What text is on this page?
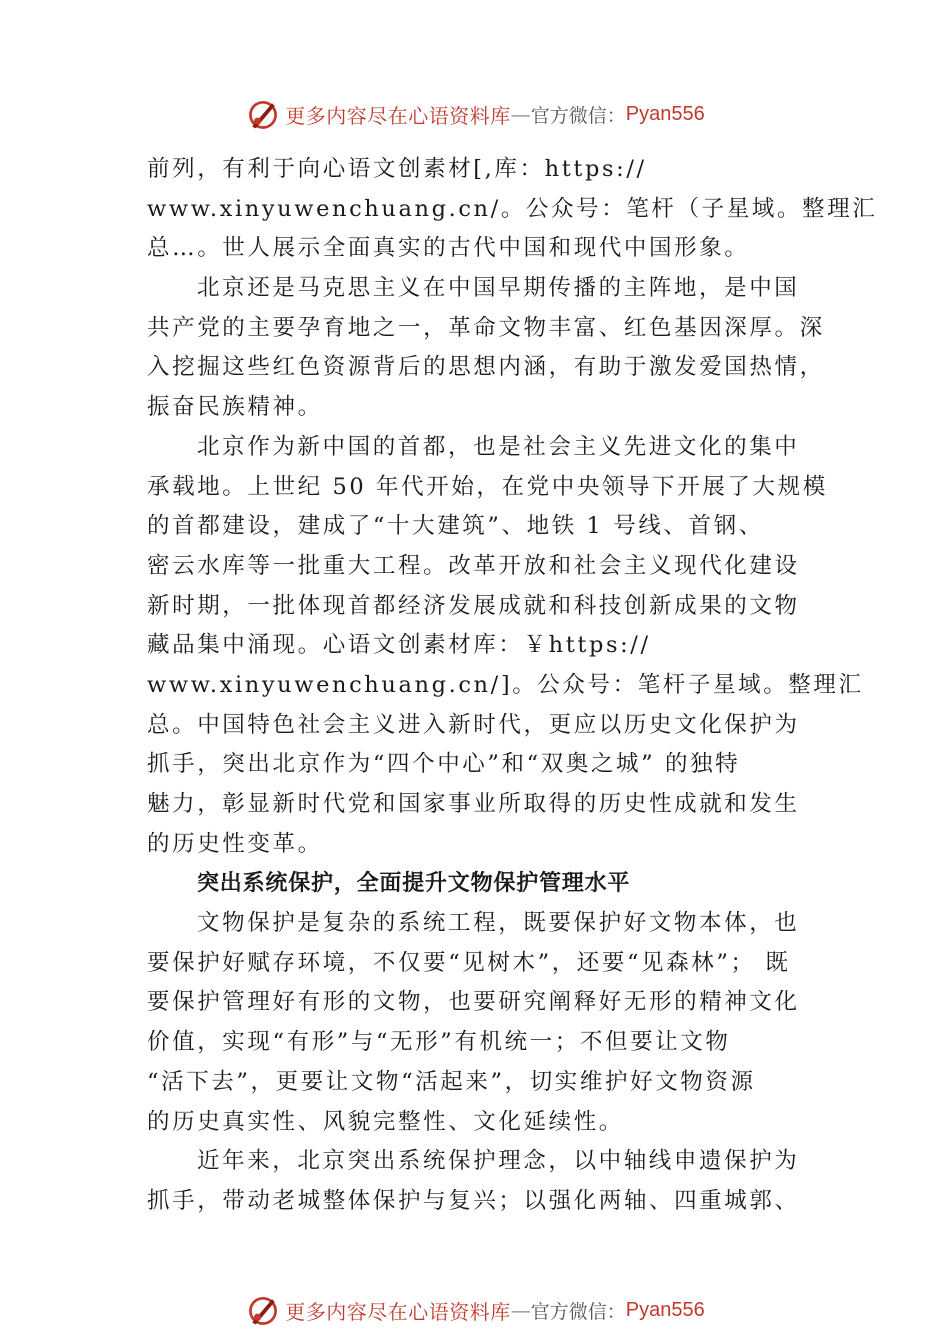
更多内容尽在心语资料库 — 官方微信： Pyan556
前列，有利于向心语文创素材[,库：https://
www.xinyuwenchuang.cn/。公众号：笔杆（子星域。整理汇
总…。世人展示全面真实的古代中国和现代中国形象。
北京还是马克思主义在中国早期传播的主阵地，是中国
共产党的主要孕育地之一，革命文物丰富、红色基因深厚。深
入挖掘这些红色资源背后的思想内涵，有助于激发爱国热情，
振奋民族精神。
北京作为新中国的首都，也是社会主义先进文化的集中
承载地。上世纪 50 年代开始，在党中央领导下开展了大规模
的首都建设，建成了“十大建筑”、地铁 1 号线、首钢、
密云水库等一批重大工程。改革开放和社会主义现代化建设
新时期，一批体现首都经济发展成就和科技创新成果的文物
藏品集中涌现。心语文创素材库：￥https://
www.xinyuwenchuang.cn/]。公众号：笔杆子星域。整理汇
总。中国特色社会主义进入新时代，更应以历史文化保护为
抓手，突出北京作为“四个中心”和“双奥之城” 的独特
魅力，彰显新时代党和国家事业所取得的历史性成就和发生
的历史性变革。
突出系统保护，全面提升文物保护管理水平
文物保护是复杂的系统工程，既要保护好文物本体，也
要保护好赋存环境，不仅要“见树木”，还要“见森林”； 既
要保护管理好有形的文物，也要研究阐释好无形的精神文化
价值，实现“有形”与“无形”有机统一；不但要让文物
“活下去”，更要让文物“活起来”，切实维护好文物资源
的历史真实性、风貌完整性、文化延续性。
近年来，北京突出系统保护理念，以中轴线申遗保护为
抓手，带动老城整体保护与复兴；以强化两轴、四重城郭、
更多内容尽在心语资料库 — 官方微信： Pyan556
